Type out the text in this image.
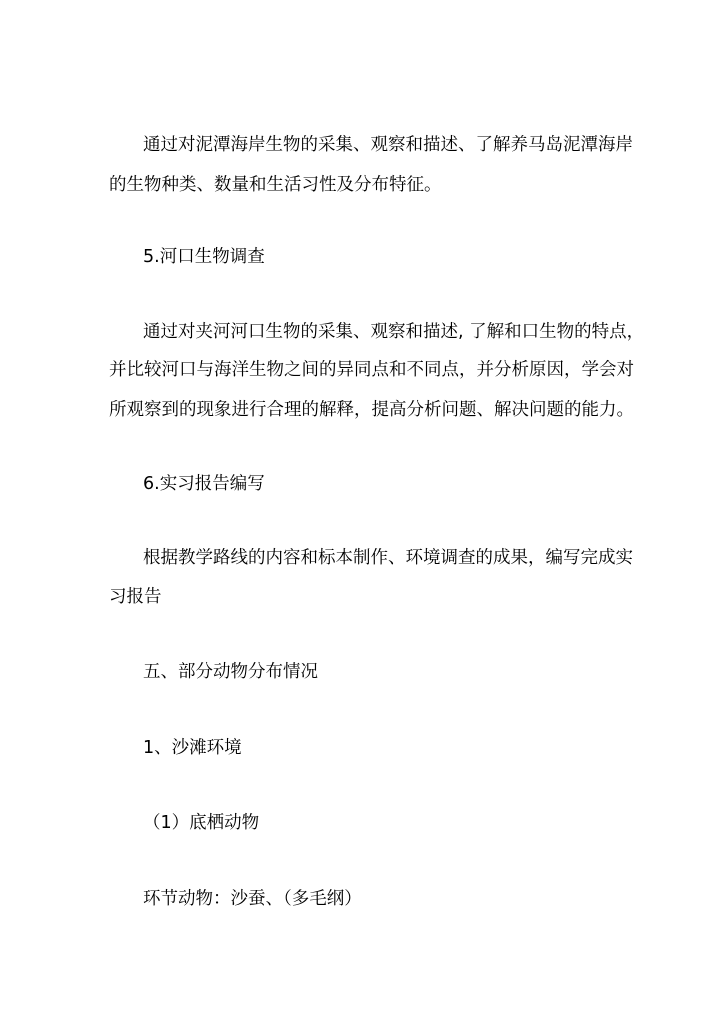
通过对泥潭海岸生物的采集、观察和描述、了解养马岛泥潭海岸
的生物种类、数量和生活习性及分布特征。
5.河口生物调查
通过对夹河河口生物的采集、观察和描述, 了解和口生物的特点，
并比较河口与海洋生物之间的异同点和不同点，并分析原因，学会对
所观察到的现象进行合理的解释，提高分析问题、解决问题的能力。
6.实习报告编写
根据教学路线的内容和标本制作、环境调查的成果，编写完成实
习报告
五、部分动物分布情况
1、沙滩环境
（1）底栖动物
环节动物：沙蚕、（多毛纲）
